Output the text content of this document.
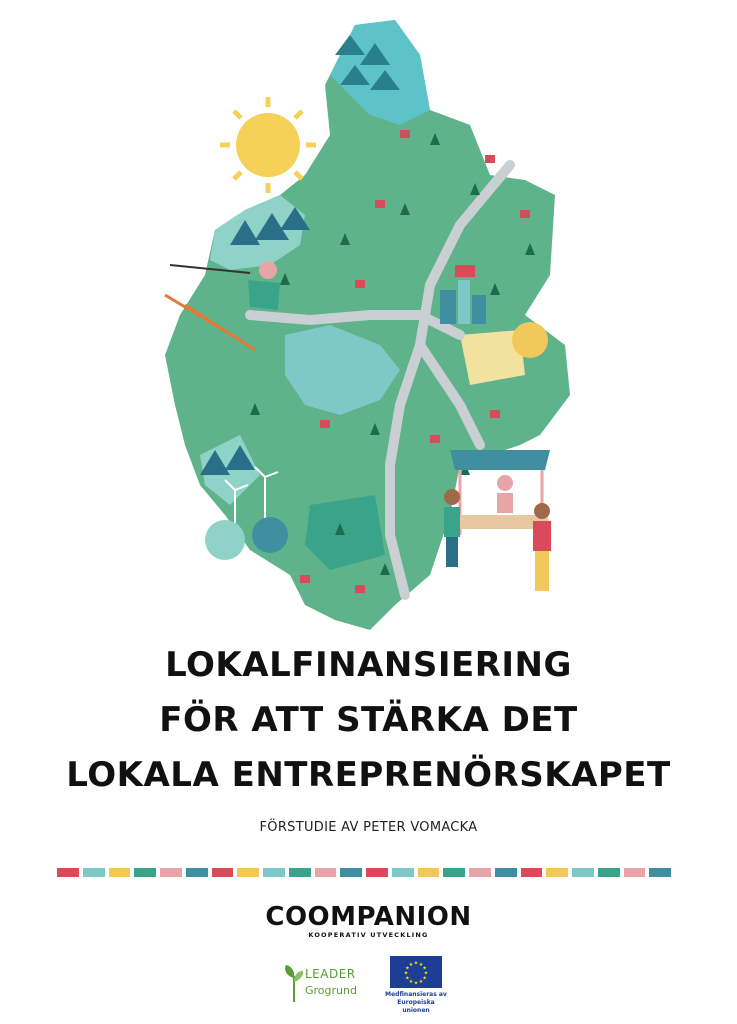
LOKALFINANSIERING
FÖR ATT STÄRKA DET
LOKALA ENTREPRENÖRSKAPET
FÖRSTUDIE AV PETER VOMACKA
COOMPANION
KOOPERATIV UTVECKLING
LEADER
Grogrund
★
★
★
★
★
★
★
★
★ ★ ★
★
Medfinansieras av Europeiska unionen
